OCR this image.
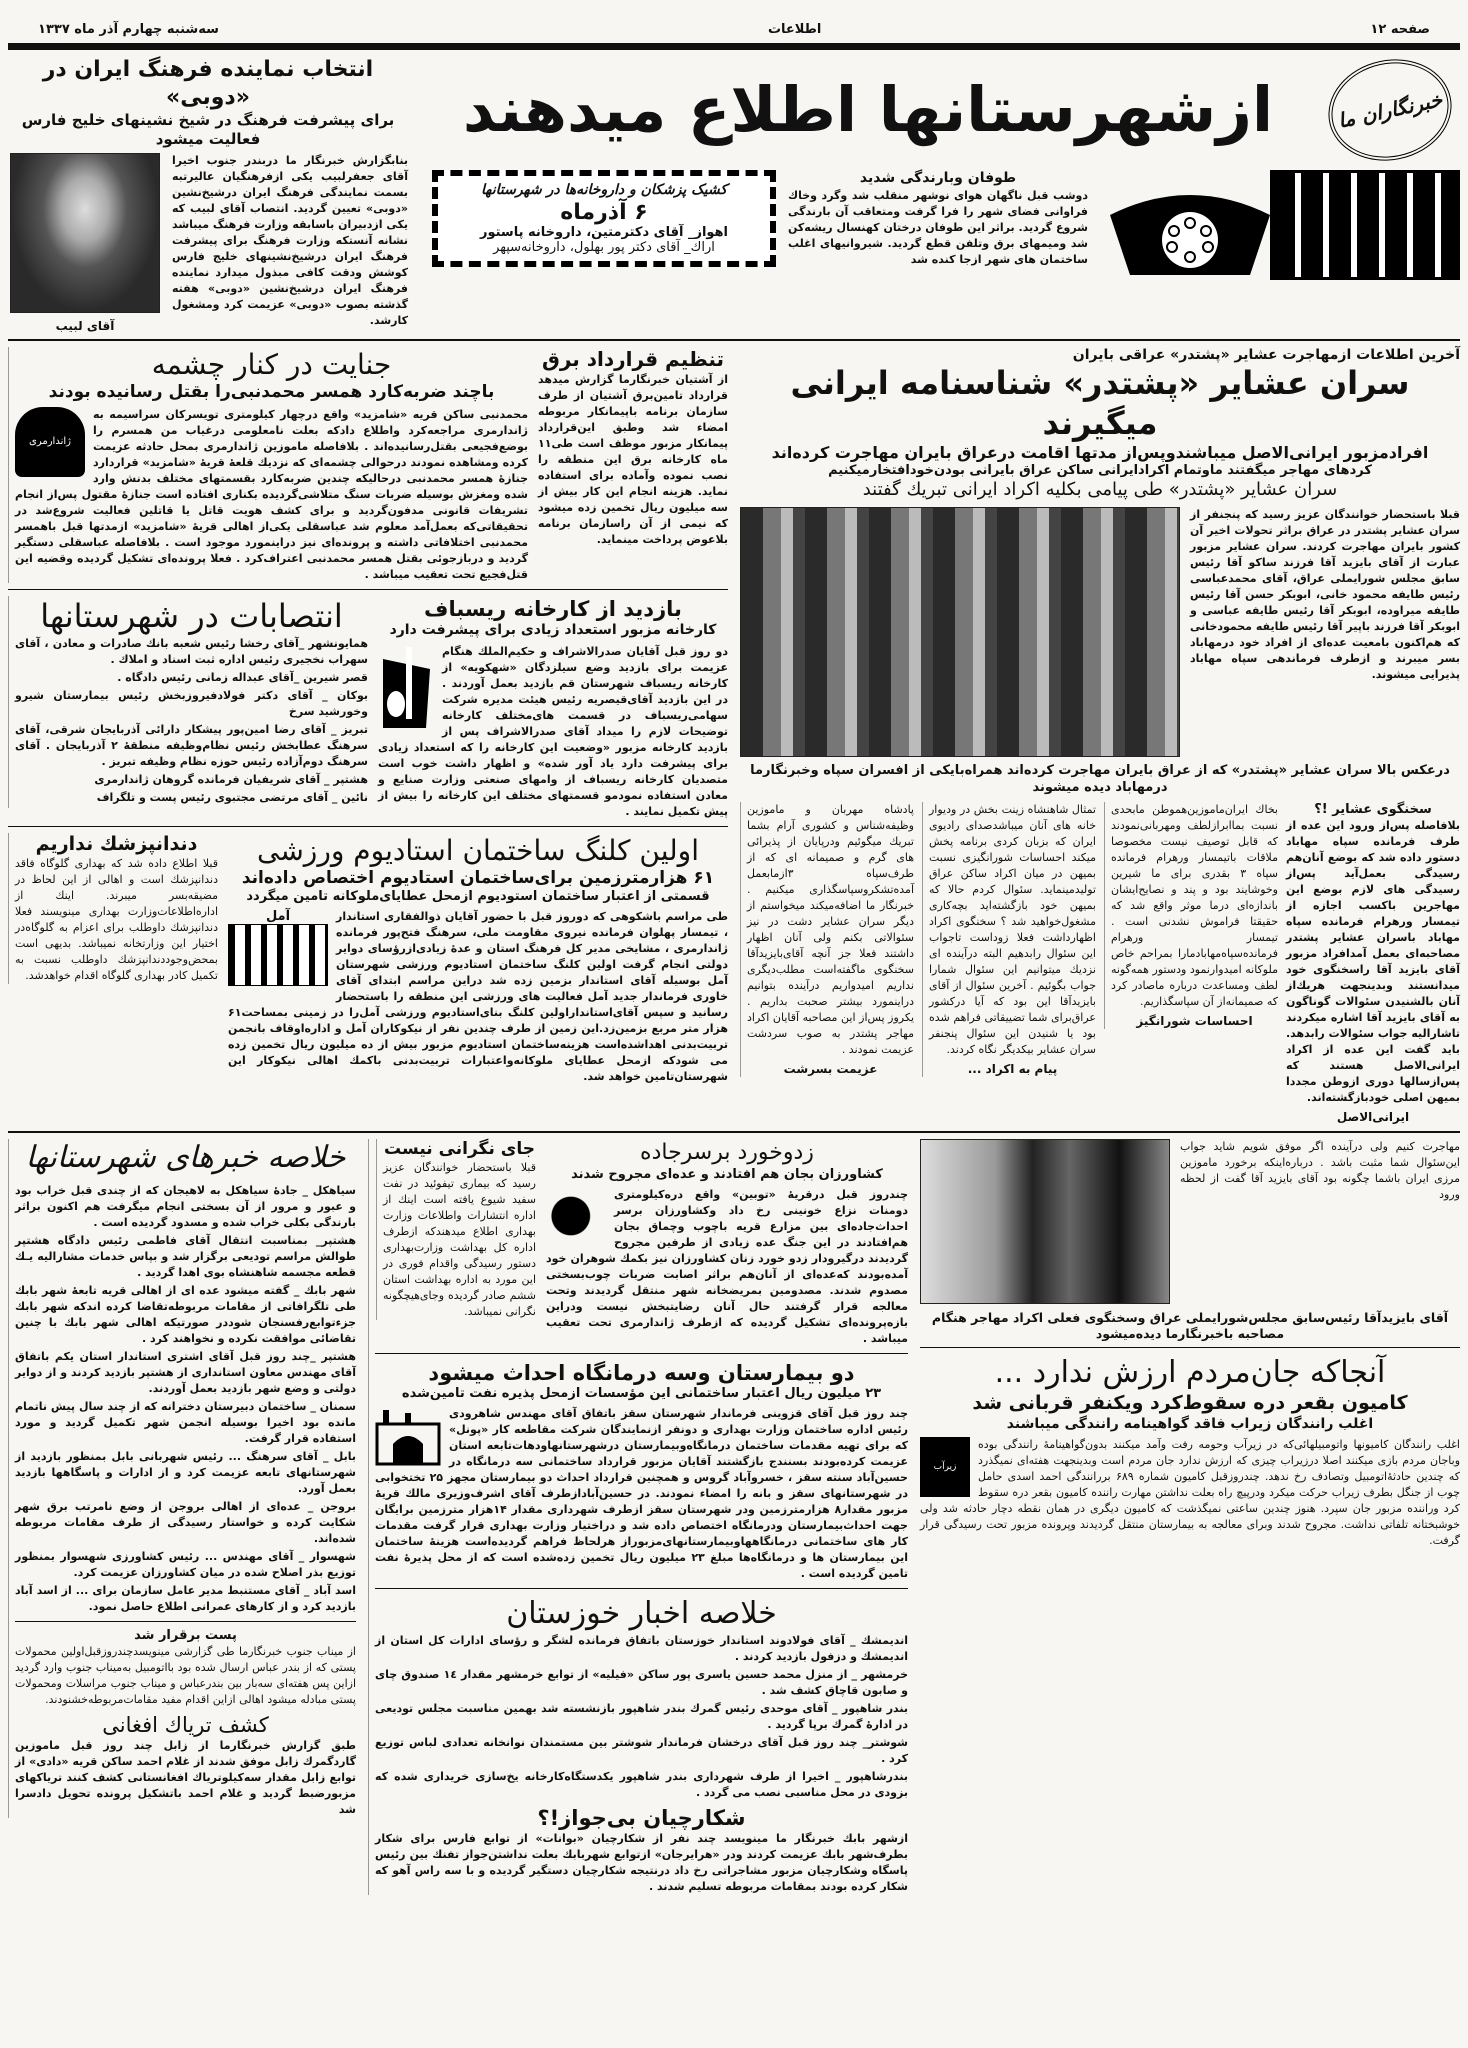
صفحه ۱۲
اطلاعات
سه‌شنبه چهارم آذر ماه ۱۳۳۷
خبرنگاران ما
ازشهرستانها اطلاع میدهند
طوفان وبارندگی شدید
دوشب قبل ناگهان هوای نوشهر منقلب شد وگرد وخاك فراوانی فضای شهر را فرا گرفت ومتعاقب آن بارندگی شروع گردید. براثر این طوفان درختان کهنسال ریشه‌کن شد ومیمهای برق وتلفن قطع گردید. شیروانیهای اغلب ساختمان های شهر ازجا کنده شد
کشیک پزشکان و داروخانه‌ها در شهرستانها
۶ آذرماه
اهواز_ آقای دکترمتین، داروخانه پاستور
اراك_ آقای دکتر پور بهلول، داروخانه‌سپهر
انتخاب نماینده فرهنگ ایران در «دوبی»
برای پیشرفت فرهنگ در شیخ نشینهای خلیج فارس فعالیت میشود
بنابگزارش خبرنگار ما دربندر جنوب اخیرا آقای جعفرلبیب یکی ازفرهنگیان عالیرتبه بسمت نمایندگی فرهنگ ایران درشیخ‌نشین «دوبی» تعیین گردید. انتصاب آقای لبیب که یکی ازدبیران باسابقه وزارت فرهنگ میباشد نشانه آنستکه وزارت فرهنگ برای پیشرفت فرهنگ ایران درشیخ‌نشینهای خلیج فارس کوشش ودقت کافی مبذول میدارد نماینده فرهنگ ایران درشیخ‌نشین «دوبی» هفته گذشته بصوب «دوبی» عزیمت کرد ومشغول کارشد.
آقای لبیب
آخرین اطلاعات ازمهاجرت عشایر «پشتدر» عراقی بایران
سران عشایر «پشتدر» شناسنامه ایرانی میگیرند
افرادمزبور ایرانی‌الاصل میباشندوپس‌از مدتها اقامت درعراق بایران مهاجرت کرده‌اند
کردهای مهاجر میگفتند ماوتمام اکرادایرانی ساکن عراق بایرانی بودن‌خودافتخارمیکنیم
سران عشایر «پشتدر» طی پیامی بکلیه اکراد ایرانی تبریك گفتند
قبلا باستحضار خوانندگان عزیز رسید که پنجنفر از سران عشایر پشتدر در عراق براثر تحولات اخیر آن کشور بایران مهاجرت کردند. سران عشایر مزبور عبارت از آقای بایزید آقا فرزند ساکو آقا رئیس سابق مجلس شورایملی عراق، آقای محمدعباسی رئیس طایفه محمود خانی، ابوبکر حسن آقا رئیس طایفه میراوده، ابوبکر آقا رئیس طایفه عباسی و ابوبکر آقا فرزند باپیر آقا رئیس طایفه محمودخانی که هم‌اکنون بامعیت عده‌ای از افراد خود درمهاباد بسر میبرند و ازطرف فرماندهی سپاه مهاباد پذیرایی میشوند.
درعکس بالا سران عشایر «پشتدر» که از عراق بایران مهاجرت کرده‌اند همراه‌بایکی از افسران سپاه وخبرنگارما درمهاباد دیده میشوند
سخنگوی عشایر !؟
بلافاصله پس‌از ورود این عده از طرف فرمانده سپاه مهاباد دستور داده شد که بوضع آنان‌هم رسیدگی بعمل‌آید پس‌از رسیدگی های لازم بوضع این مهاجرین باکسب اجازه از تیمسار ورهرام فرمانده سپاه مهاباد باسران عشایر پشتدر مصاحبه‌ای بعمل آمدافراد مزبور آقای بایزید آقا راسخنگوی خود میدانستند وبدینجهت هریك‌از آنان بالشنیدن سئوالات گوناگون به آقای بایزید آقا اشاره میکردند تاشارالیه جواب سئوالات رابدهد. باید گفت این عده از اکراد ایرانی‌الاصل هستند که پس‌ازسالها دوری ازوطن مجددا بمیهن اصلی خودبازگشته‌اند.
ایرانی‌الاصل
بخاك ایران‌ماموزین‌هموطن مابحدی نسبت بماابرازلطف ومهربانی‌نمودند که قابل توصیف نیست مخصوصا ملاقات باتیمسار ورهرام فرمانده سپاه ۳ بقدری برای ما شیرین وخوشایند بود و پند و نصایح‌ایشان باندازه‌ای درما موثر واقع شد که حقیقتا فراموش نشدنی است . تیمسار ورهرام فرمانده‌سپاه‌مهابادمارا بمراحم خاص ملوکانه امیدوارنمود ودستور همه‌گونه لطف ومساعدت درباره ماصادر کرد که صمیمانه‌از آن سپاسگذاریم.
احساسات شورانگیز
تمثال شاهنشاه زینت بخش در ودیوار خانه های آنان میباشدصدای رادیوی ایران که بزبان کردی برنامه پخش میکند احساسات شورانگیزی نسبت بمیهن در میان اکراد ساکن عراق تولیدمینماید. سئوال کردم حالا که بمیهن خود بازگشته‌اید بچه‌کاری مشغول‌خواهید شد ؟ سخنگوی اکراد اظهارداشت فعلا زوداست تاجواب این سئوال رابدهیم البته درآینده ای نزدیك میتوانیم این سئوال شمارا جواب بگوئیم . آخرین سئوال از آقای بایزیدآقا این بود که آیا درکشور عراق‌برای شما تضییقاتی فراهم شده بود یا شنیدن این سئوال پنجنفر سران عشایر بیکدیگر نگاه کردند.
پیام به اکراد ...
پادشاه مهربان و ماموزین وظیفه‌شناس و کشوری آرام بشما تبریك میگوئیم ودرپایان از پذیرائی های گرم و صمیمانه ای که از طرف‌سپاه ۳ازمابعمل آمده‌تشکروسپاسگذاری میکنیم . خبرنگار ما اضافه‌میکند میخواستم از دیگر سران عشایر دشت در نیز سئوالاتی بکنم ولی آنان اظهار داشتند فعلا جز آنچه آقای‌بایزیدآقا سخنگوی ماگفته‌است مطلب‌دیگری نداریم امیدواریم درآینده بتوانیم دراینمورد بیشتر صحبت بداریم . یکروز پس‌از این مصاحبه آقایان اکراد مهاجر پشتدر به صوب سردشت عزیمت نمودند .
عزیمت بسرشت
تنظیم قرارداد برق
از آشتیان خبرنگارما گزارش میدهد قرارداد تامین‌برق آشتیان از طرف سازمان برنامه باپیمانکار مربوطه امضاء شد وطبق این‌قرارداد پیمانکار مزبور موظف است طی۱۱ ماه کارخانه برق این منطقه را نصب نموده وآماده برای استفاده نماید. هزینه انجام این کار بیش از سه میلیون ریال تخمین زده میشود که نیمی از آن راسازمان برنامه بلاعوض پرداخت مینماید.
جنایت در کنار چشمه
باچند ضربه‌کارد همسر محمدنبی‌را بقتل رسانیده بودند
ژاندارمری
محمدنبی ساکن قریه «شامزید» واقع درچهار کیلومتری تویسرکان سراسیمه به ژاندارمری مراجعه‌کرد واطلاع داد‌که بعلت نامعلومی درغیاب من همسرم را بوضع‌فجیعی بقتل‌رسانیده‌اند . بلافاصله ماموزین ژاندارمری بمحل حادثه عزیمت کرده ومشاهده نمودند درحوالی چشمه‌ای که نزدیك قلعهٔ قریهٔ «شامزید» قراردارد جنازهٔ همسر محمدنبی درحالیکه چندین ضربه‌کارد بقسمتهای مختلف بدنش وارد شده ومغزش بوسیله ضربات سنگ متلاشی‌گردیده بکناری افتاده است جنازهٔ مقتول پس‌از انجام تشریفات قانونی مدفون‌گردید و برای کشف هویت قاتل یا قاتلین فعالیت شروع‌شد در تحقیقاتی‌که بعمل‌آمد معلوم شد عباسقلی یکی‌از اهالی قریهٔ «شامزید» ازمدتها قبل باهمسر محمدنبی اختلافاتی داشته و پرونده‌ای نیز دراینمورد موجود است . بلافاصله عباسقلی دستگیر گردید و دربازجوئی بقتل همسر محمدنبی اعتراف‌کرد . فعلا پرونده‌ای تشکیل گردیده وقضیه این قتل‌فجیع تحت تعقیب میباشد .
بازدید از کارخانه ریسباف
کارخانه مزبور استعداد زیادی برای پیشرفت دارد
دو روز قبل آقایان صدرالاشراف و حکیم‌الملك هنگام عزیمت برای بازدید وضع سیلزدگان «شهکویه» از کارخانه ریسباف شهرستان قم بازدید بعمل آوردند . در این بازدید آقای‌قیصریه رئیس هیئت مدیره شرکت سهامی‌ریسباف در قسمت های‌مختلف کارخانه توضیحات لازم را میداد آقای صدرالاشراف پس از بازدید کارخانه مزبور «وضعیت این کارخانه را که استعداد زیادی برای پیشرفت دارد یاد آور شده» و اظهار داشت خوب است متصدیان کارخانه ریسباف از وامهای صنعتی وزارت صنایع و معادن استفاده نمودمو قسمتهای مختلف این کارخانه را بیش از پیش تکمیل نمایند .
انتصابات در شهرستانها

همایونشهر _آقای رخشا رئیس شعبه بانك صادرات و معادن ، آقای سهراب نخجیری رئیس اداره ثبت اسناد و املاك .

قصر شیرین _آقای عبداله زمانی رئیس دادگاه .

بوکان _ آقای دکتر فولادفیروزبخش رئیس بیمارستان شیرو وخورشید سرخ

تبریز _ آقای رضا امین‌پور پیشکار دارائی آذربایجان شرقی، آقای سرهنگ عطابخش رئیس نظام‌وظیفه منطقهٔ ۲ آذربایجان . آقای سرهنگ دوم‌آزاده رئیس حوزه نظام وظیفه تبریز .

هشتپر _ آقای شریفیان فرمانده گروهان ژاندارمری

نائین _ آقای مرتضی مجتبوی رئیس پست و تلگراف

اولین کلنگ ساختمان استادیوم ورزشی
۶۱ هزارمترزمین برای‌ساختمان استادیوم اختصاص داده‌اند
قسمتی از اعتبار ساختمان استودیوم ازمحل عطایای‌ملوکانه تامین میگردد
آمل	طی مراسم باشکوهی که دوروز قبل با حضور آقایان ذوالفقاری استاندار ، تیمسار پهلوان فرمانده نیروی مقاومت ملی، سرهنگ فتح‌پور فرمانده ژاندارمری ، مشایخی مدیر کل فرهنگ استان و عدهٔ زیادی‌ازرؤسای دوایر دولتی انجام گرفت اولین کلنگ ساختمان استادیوم ورزشی شهرستان آمل بوسیله آقای استاندار بزمین زده شد دراین مراسم ابتدای آقای خاوری فرماندار جدید آمل فعالیت های ورزشی این منطقه را باستحضار رسانید و سپس آقای‌استاندار‌اولین کلنگ بنای‌استادیوم ورزشی آمل‌را در زمینی بمساحت۶۱ هزار متر مربع بزمین‌زد.این زمین از طرف چندین نفر از نیکوکاران آمل و اداره‌اوقاف بانجمن تربیت‌بدنی اهداشده‌است هزینه‌ساختمان استادیوم مزبور بیش از ده میلیون ریال تخمین زده می شودکه ازمحل عطایای ملوکانه‌واعتبارات تربیت‌بدنی باکمك اهالی نیکوکار این شهرستان‌تامین خواهد شد.
دندانپزشك نداریم
قبلا اطلاع داده شد که بهداری گلوگاه فاقد دندانپزشك است و اهالی از این لحاظ در مضیقه‌بسر میبرند. اینك از اداره‌اطلاعات‌وزارت بهداری مینویسند فعلا دندانپزشك داوطلب برای اعزام به گلوگاه‌در اختیار این وزارتخانه نمیباشد. بدیهی است بمحض‌وجود‌دندانپزشك داوطلب نسبت به تکمیل کادر بهداری گلوگاه اقدام خواهدشد.
مهاجرت کنیم ولی درآینده اگر موفق شویم شاید جواب این‌سئوال شما مثبت باشد . درباره‌اینکه برخورد ماموزین مرزی ایران باشما چگونه بود آقای بایزید آقا گفت از لحظه ورود
آقای بایزیدآقا رئیس‌سابق مجلس‌شورایملی عراق وسخنگوی فعلی اکراد مهاجر هنگام مصاحبه باخبرنگارما دیده‌میشود
آنجاکه جان‌مردم ارزش ندارد ...
کامیون بقعر دره سقوط‌کرد ویکنفر قربانی شد
اغلب رانندگان زیراب فاقد گواهینامه رانندگی میباشند
زیرآب
اغلب رانندگان کامیونها واتومبیلهائی‌که در زیرآب وحومه رفت وآمد میکنند بدون‌گواهینامهٔ رانندگی بوده وباجان مردم بازی میکنند اصلا درزیراب چیزی که ارزش ندارد جان مردم است وبدینجهت هفته‌ای نمیگذرد که چندین حادثهٔ‌اتومبیل وتصادف رخ ندهد. چندروزقبل کامیون شماره ۶۸۹ بررانندگی احمد اسدی حامل چوب از جنگل بطرف زیراب حرکت میکرد ودرپیچ راه بعلت نداشتن مهارت راننده کامیون بقعر دره سقوط کرد وراننده مزبور جان سپرد. هنوز چندین ساعتی نمیگذشت که کامیون دیگری در همان نقطه دچار حادثه شد ولی خوشبختانه تلفاتی نداشت. مجروح شدند وبرای معالجه به بیمارستان منتقل گردیدند وپرونده مزبور تحت رسیدگی قرار گرفت.
زدوخورد برسرجاده
کشاورزان بجان هم افتادند و عده‌ای مجروح شدند
چندروز قبل درقریهٔ «توبین» واقع دره‌کیلومتری دومنات نزاع خونینی رخ داد وکشاورزان برسر احداث‌جاده‌ای بین مزارع قریه باچوب وچماق بجان هم‌افتادند در این جنگ عده زیادی از طرفین مجروح گردیدند درگیرودار زدو خورد زنان کشاورزان نیز بکمك شوهران خود آمده‌بودند که‌عده‌ای از آنان‌هم براثر اصابت ضربات چوب‌بسختی مصدوم شدند. مصدومین بمریضخانه شهر منتقل گردیدند وتحت معالجه قرار گرفتند حال آنان رضایتبخش نیست ودراین بازه‌پرونده‌ای تشکیل گردیده که ازطرف ژاندارمری تحت تعقیب میباشد .
جای نگرانی نیست
قبلا باستحضار خوانندگان عزیز رسید که بیماری تیفوئید در نفت سفید شیوع یافته است اینك از اداره انتشارات واطلاعات وزارت بهداری اطلاع میدهندکه ازطرف اداره کل بهداشت وزارت‌بهداری دستور رسیدگی واقدام فوری در این مورد به اداره بهداشت استان ششم صادر گردیده وجای‌هیچگونه نگرانی نمیباشد.
دو بیمارستان وسه درمانگاه احداث میشود
۲۳ میلیون ریال اعتبار ساختمانی این مؤسسات ازمحل پذیره نفت تامین‌شده
چند روز قبل آقای قزوینی فرماندار شهرستان سقز باتفاق آقای مهندس شاهرودی رئیس اداره ساختمان وزارت بهداری و دونفر ازنمایندگان شرکت مقاطعه کار «پونل» که برای تهیه مقدمات ساختمان درمانگاه‌وبیمارستان درشهرستانهاو‌دهات‌تابعه استان عزیمت کرده‌بودند بسنندج بازگشتند آقایان مزبور قرارداد ساختمانی سه درمانگاه در حسین‌آباد سنته سقز ، خسروآباد گروس و همچنین قرارداد احداث دو بیمارستان مجهز ۲۵ تختخوابی در شهرستانهای سقز و بانه را امضاء نمودند. در حسین‌آبادازطرف آقای اشرف‌وزیری مالك قریهٔ مزبور مقدار۸ هزارمترزمین ودر شهرستان سقز ازطرف شهرداری مقدار ۱۴هزار مترزمین برایگان جهت احداث‌بیمارستان ودرمانگاه اختصاص داده شد و دراختیار وزارت بهداری قرار گرفت مقدمات کار های ساختمانی درمانگاهها‌وبیمارستانهای‌مزبوراز هرلحاظ فراهم گردیده‌است هزینهٔ ساختمان این بیمارستان ها و درمانگاه‌ها مبلغ ۲۳ میلیون ریال تخمین زده‌شده است که از محل پذیرهٔ نفت تامین گردیده است .
خلاصه اخبار خوزستان

اندیمشك _ آقای فولادوند استاندار خوزستان باتفاق فرمانده لشگر و رؤسای ادارات کل استان از اندیمشك و دزفول بازدید کردند .

خرمشهر _ از منزل محمد حسین یاسری پور ساکن «فیلیه» از توابع خرمشهر مقدار ۱٤ صندوق چای و صابون قاچاق کشف شد .

بندر شاهپور _ آقای موحدی رئیس گمرك بندر شاهپور بازنشسته شد بهمین مناسبت مجلس تودیعی در ادارهٔ گمرك برپا گردید .

شوشتر_ چند روز قبل آقای درخشان فرماندار شوشتر بین مستمندان نوانخانه تعدادی لباس توزیع کرد .

بندرشاهپور _ اخیرا از طرف شهرداری بندر شاهپور یکدستگاه‌کارخانه یخ‌سازی خریداری شده که بزودی در محل مناسبی نصب می گردد .

شکارچیان بی‌جواز!؟
ازشهر بابك خبرنگار ما مینویسد چند نفر از شکارچیان «بوانات» از توابع فارس برای شکار بطرف‌شهر بابك عزیمت کردند ودر «هرایرجان» ازتوابع شهربابك بعلت نداشتن‌جواز تفنك بین رئیس پاسگاه وشکارچیان مزبور مشاجراتی رخ داد درنتیجه شکارچیان دستگیر گردیده و با سه راس آهو که شکار کرده بودند بمقامات مربوطه تسلیم شدند .
خلاصه خبرهای شهرستانها

سیاهکل _ جادهٔ سیاهکل به لاهیجان که از چندی قبل خراب بود و عبور و مرور از آن بسختی انجام میگرفت هم اکنون براثر بارندگی بکلی خراب شده و مسدود گردیده است .

هشتپر_ بمناسبت انتقال آقای فاطمی رئیس دادگاه هشتپر طوالش مراسم تودیعی برگزار شد و بپاس خدمات مشارالیه یـك قطعه مجسمه شاهنشاه بوی اهدا گردید .

شهر بابك _ گفته میشود عده ای از اهالی قریه تابعهٔ شهر بابك طی تلگرافاتی از مقامات مربوطه‌تقاضا کرده اندکه شهر بابك جزء‌توابع‌رفسنجان شوددر صورتیکه اهالی شهر بابك با چنین تقاضائی موافقت نکرده و نخواهند کرد .

هشتپر _چند روز قبل آقای اشتری استاندار استان یکم باتفاق آقای مهندس معاون استانداری از هشتپر بازدید کردند و از دوایر دولتی و وضع شهر بازدید بعمل آوردند.

سمنان _ ساختمان دبیرستان دخترانه که از چند سال پیش ناتمام مانده بود اخیرا بوسیله انجمن شهر تکمیل گردید و مورد استفاده قرار گرفت.

بابل _ آقای سرهنگ ... رئیس شهربانی بابل بمنظور بازدید از شهرستانهای تابعه عزیمت کرد و از ادارات و پاسگاهها بازدید بعمل آورد.

بروجن _ عده‌ای از اهالی بروجن از وضع نامرتب برق شهر شکایت کرده و خواستار رسیدگی از طرف مقامات مربوطه شده‌اند.

شهسوار _ آقای مهندس ... رئیس کشاورزی شهسوار بمنظور توزیع بذر اصلاح شده در میان کشاورزان عزیمت کرد.

اسد آباد _ آقای مستنبط مدیر عامل سازمان برای ... از اسد آباد بازدید کرد و از کارهای عمرانی اطلاع حاصل نمود.

پست برقرار شد
از میناب جنوب خبرنگارما طی گزارشی مینویسدچندروزقبل‌اولین محمولات پستی که از بندر عباس ارسال شده بود بااتومبیل به‌میناب جنوب وارد گردید ازاین پس هفته‌ای سه‌بار بین بندرعباس و میناب جنوب مراسلات ومحمولات پستی مبادله میشود اهالی ازاین اقدام مفید مقامات‌مربوطه‌خشنودند.
کشف تریاك افغانی
طبق گزارش خبرنگارما از زابل چند روز قبل ماموزین گاردگمرك زابل موفق شدند از غلام احمد ساکن قریه «دادی» از توابع زابل مقدار سه‌کیلوتریاك افغانستانی کشف کنند تریاکهای مزبورضبط گردید و غلام احمد باتشکیل پرونده تحویل دادسرا شد
